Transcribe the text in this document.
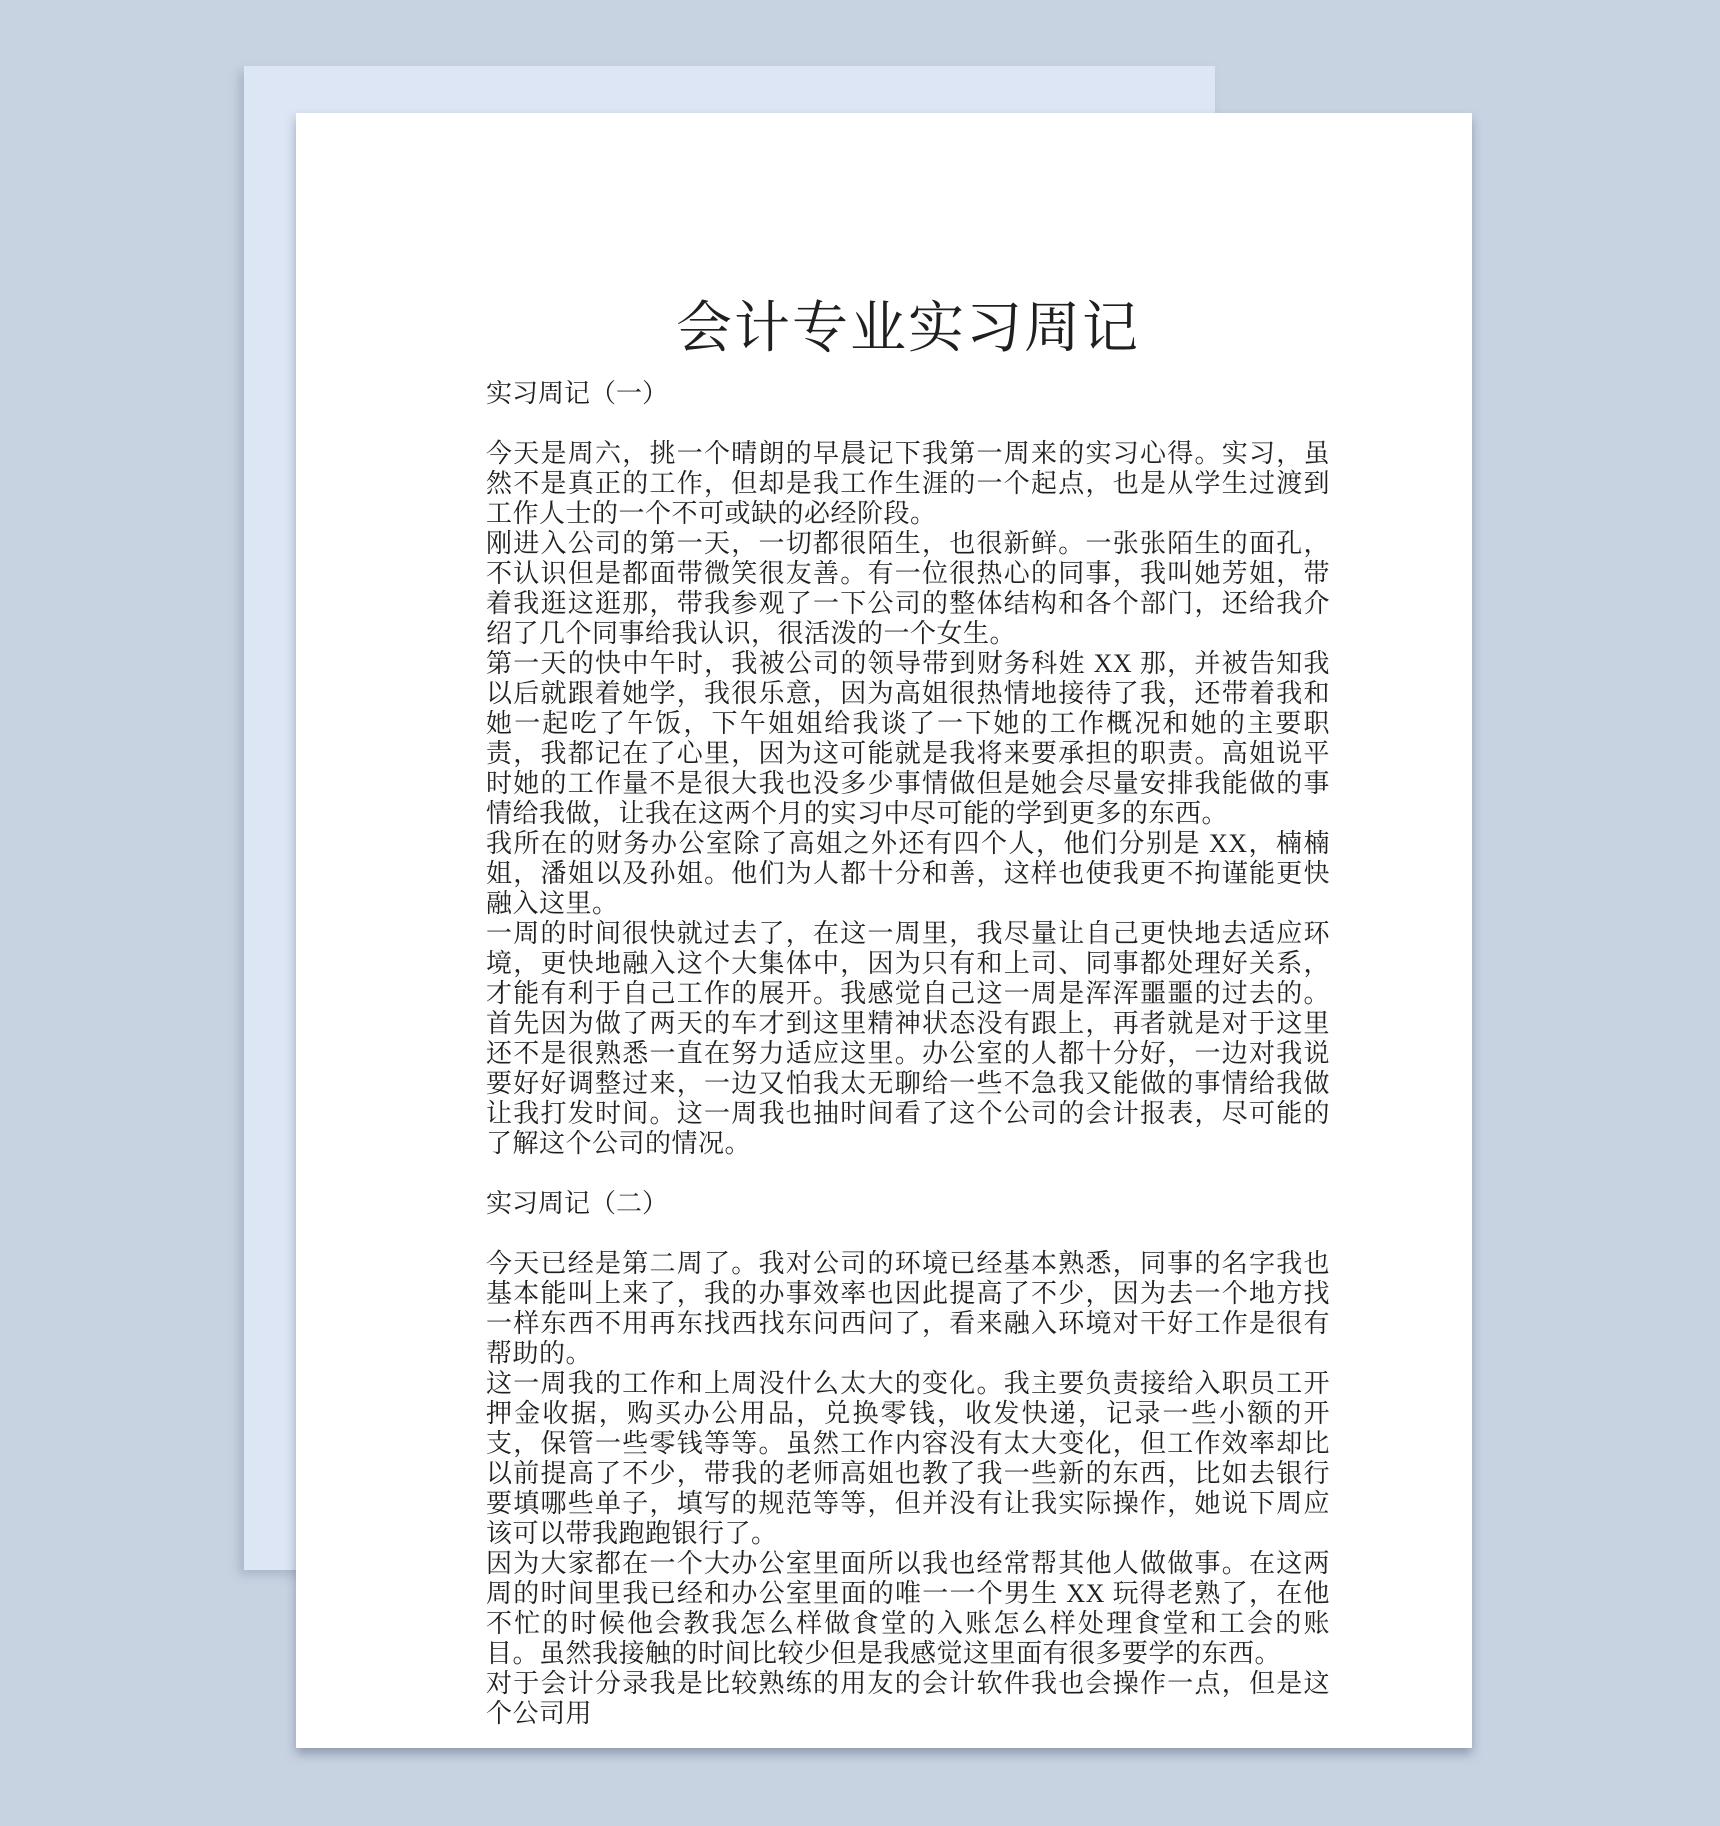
会计专业实习周记
实习周记（一）

今天是周六，挑一个晴朗的早晨记下我第一周来的实习心得。实习，虽然不是真正的工作，但却是我工作生涯的一个起点，也是从学生过渡到工作人士的一个不可或缺的必经阶段。

刚进入公司的第一天，一切都很陌生，也很新鲜。一张张陌生的面孔，不认识但是都面带微笑很友善。有一位很热心的同事，我叫她芳姐，带着我逛这逛那，带我参观了一下公司的整体结构和各个部门，还给我介绍了几个同事给我认识，很活泼的一个女生。

第一天的快中午时，我被公司的领导带到财务科姓 XX 那，并被告知我以后就跟着她学，我很乐意，因为高姐很热情地接待了我，还带着我和她一起吃了午饭，下午姐姐给我谈了一下她的工作概况和她的主要职责，我都记在了心里，因为这可能就是我将来要承担的职责。高姐说平时她的工作量不是很大我也没多少事情做但是她会尽量安排我能做的事情给我做，让我在这两个月的实习中尽可能的学到更多的东西。

我所在的财务办公室除了高姐之外还有四个人，他们分别是 XX，楠楠姐，潘姐以及孙姐。他们为人都十分和善，这样也使我更不拘谨能更快融入这里。

一周的时间很快就过去了，在这一周里，我尽量让自己更快地去适应环境，更快地融入这个大集体中，因为只有和上司、同事都处理好关系，才能有利于自己工作的展开。我感觉自己这一周是浑浑噩噩的过去的。首先因为做了两天的车才到这里精神状态没有跟上，再者就是对于这里还不是很熟悉一直在努力适应这里。办公室的人都十分好，一边对我说要好好调整过来，一边又怕我太无聊给一些不急我又能做的事情给我做让我打发时间。这一周我也抽时间看了这个公司的会计报表，尽可能的了解这个公司的情况。

实习周记（二）

今天已经是第二周了。我对公司的环境已经基本熟悉，同事的名字我也基本能叫上来了，我的办事效率也因此提高了不少，因为去一个地方找一样东西不用再东找西找东问西问了，看来融入环境对干好工作是很有帮助的。

这一周我的工作和上周没什么太大的变化。我主要负责接给入职员工开押金收据，购买办公用品，兑换零钱，收发快递，记录一些小额的开支，保管一些零钱等等。虽然工作内容没有太大变化，但工作效率却比以前提高了不少，带我的老师高姐也教了我一些新的东西，比如去银行要填哪些单子，填写的规范等等，但并没有让我实际操作，她说下周应该可以带我跑跑银行了。

因为大家都在一个大办公室里面所以我也经常帮其他人做做事。在这两周的时间里我已经和办公室里面的唯一一个男生 XX 玩得老熟了，在他不忙的时候他会教我怎么样做食堂的入账怎么样处理食堂和工会的账目。虽然我接触的时间比较少但是我感觉这里面有很多要学的东西。

对于会计分录我是比较熟练的用友的会计软件我也会操作一点，但是这个公司用
